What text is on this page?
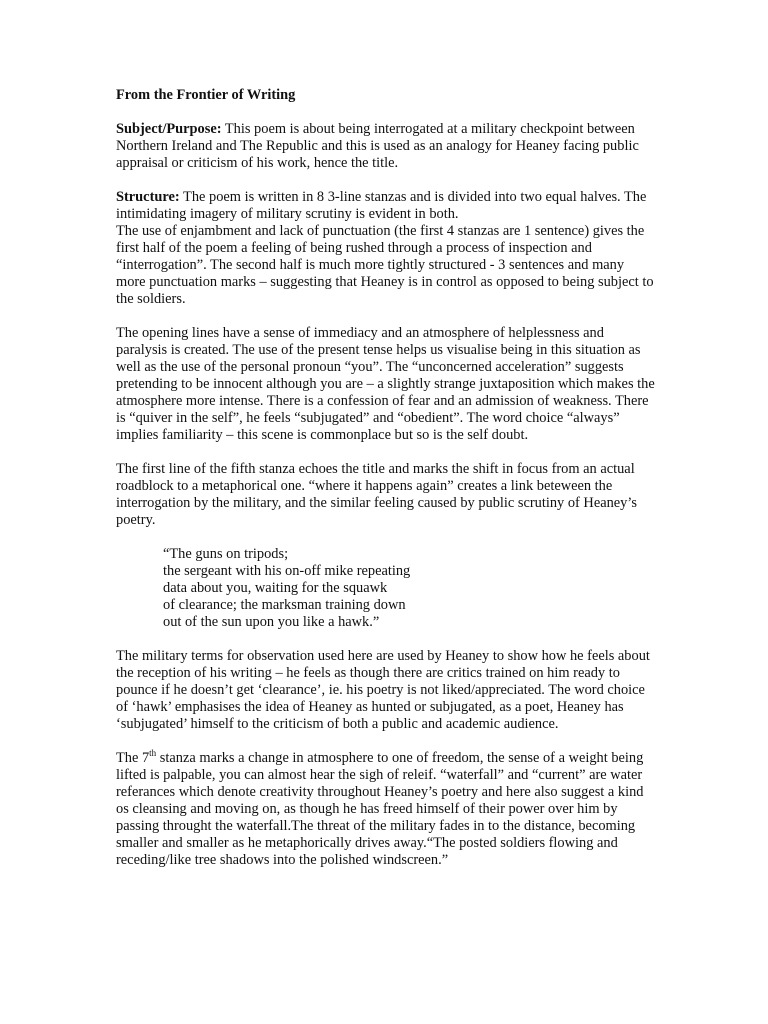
From the Frontier of Writing

Subject/Purpose: This poem is about being interrogated at a military checkpoint between Northern Ireland and The Republic and this is used as an analogy for Heaney facing public appraisal or criticism of his work, hence the title.

Structure: The poem is written in 8 3-line stanzas and is divided into two equal halves. The intimidating imagery of military scrutiny is evident in both.
The use of enjambment and lack of punctuation (the first 4 stanzas are 1 sentence) gives the first half of the poem a feeling of being rushed through a process of inspection and “interrogation”. The second half is much more tightly structured - 3 sentences and many more punctuation marks – suggesting that Heaney is in control as opposed to being subject to the soldiers.

The opening lines have a sense of immediacy and an atmosphere of helplessness and paralysis is created. The use of the present tense helps us visualise being in this situation as well as the use of the personal pronoun “you”. The “unconcerned acceleration” suggests pretending to be innocent although you are – a slightly strange juxtaposition which makes the atmosphere more intense. There is a confession of fear and an admission of weakness. There is “quiver in the self”, he feels “subjugated” and “obedient”. The word choice “always” implies familiarity – this scene is commonplace but so is the self doubt.

The first line of the fifth stanza echoes the title and marks the shift in focus from an actual roadblock to a metaphorical one. “where it happens again” creates a link beteween the interrogation by the military, and the similar feeling caused by public scrutiny of Heaney’s poetry.

“The guns on tripods;
the sergeant with his on-off mike repeating
data about you, waiting for the squawk
of clearance; the marksman training down
out of the sun upon you like a hawk.”

The military terms for observation used here are used by Heaney to show how he feels about the reception of his writing – he feels as though there are critics trained on him ready to pounce if he doesn’t get ‘clearance’, ie. his poetry is not liked/appreciated. The word choice of ‘hawk’ emphasises the idea of Heaney as hunted or subjugated, as a poet, Heaney has ‘subjugated’ himself to the criticism of both a public and academic audience.

The 7th stanza marks a change in atmosphere to one of freedom, the sense of a weight being lifted is palpable, you can almost hear the sigh of releif. “waterfall” and “current” are water referances which denote creativity throughout Heaney’s poetry and here also suggest a kind os cleansing and moving on, as though he has freed himself of their power over him by passing throught the waterfall.The threat of the military fades in to the distance, becoming smaller and smaller as he metaphorically drives away.“The posted soldiers flowing and receding/like tree shadows into the polished windscreen.”
